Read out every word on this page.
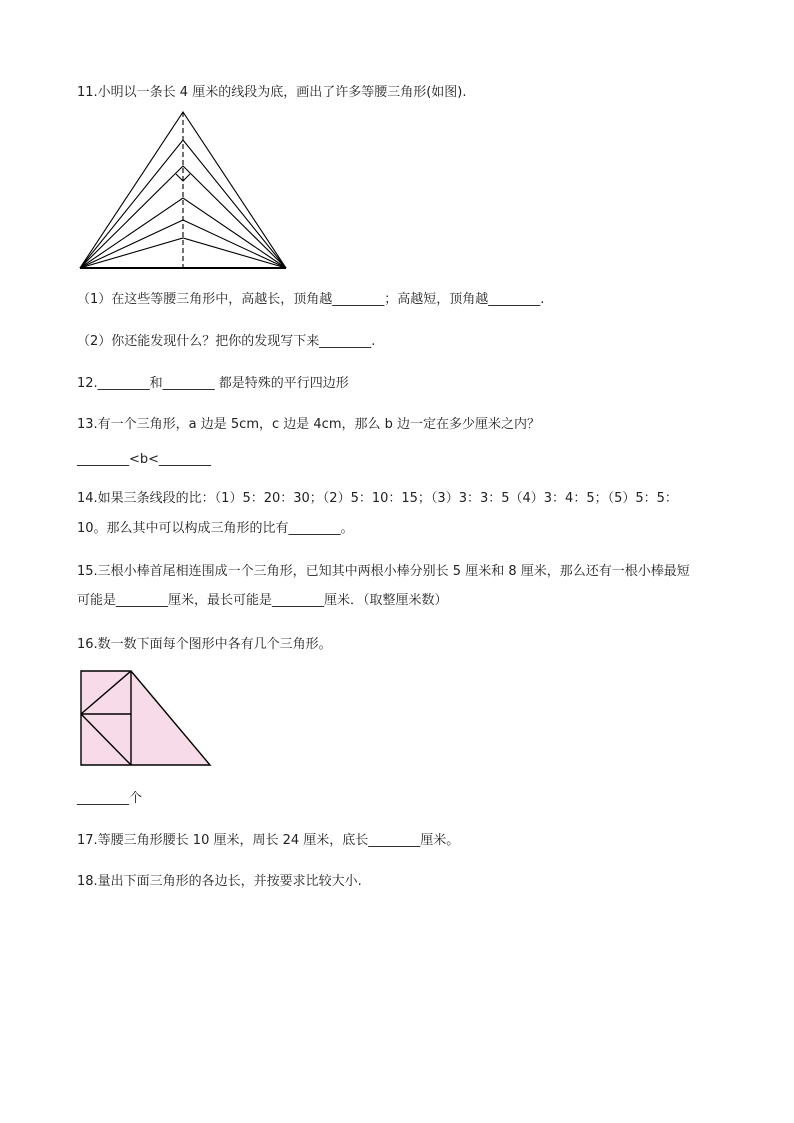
11.小明以一条长 4 厘米的线段为底，画出了许多等腰三角形(如图).
（1）在这些等腰三角形中，高越长，顶角越________；高越短，顶角越________.
（2）你还能发现什么？把你的发现写下来________.
12.________和________ 都是特殊的平行四边形
13.有一个三角形，a 边是 5cm，c 边是 4cm，那么 b 边一定在多少厘米之内？
________<b<________
14.如果三条线段的比：（1）5：20：30；（2）5：10：15；（3）3：3：5（4）3：4：5；（5）5：5：
10。那么其中可以构成三角形的比有________。
15.三根小棒首尾相连围成一个三角形，已知其中两根小棒分别长 5 厘米和 8 厘米，那么还有一根小棒最短
可能是________厘米，最长可能是________厘米．（取整厘米数）
16.数一数下面每个图形中各有几个三角形。
________个
17.等腰三角形腰长 10 厘米，周长 24 厘米，底长________厘米。
18.量出下面三角形的各边长，并按要求比较大小.
